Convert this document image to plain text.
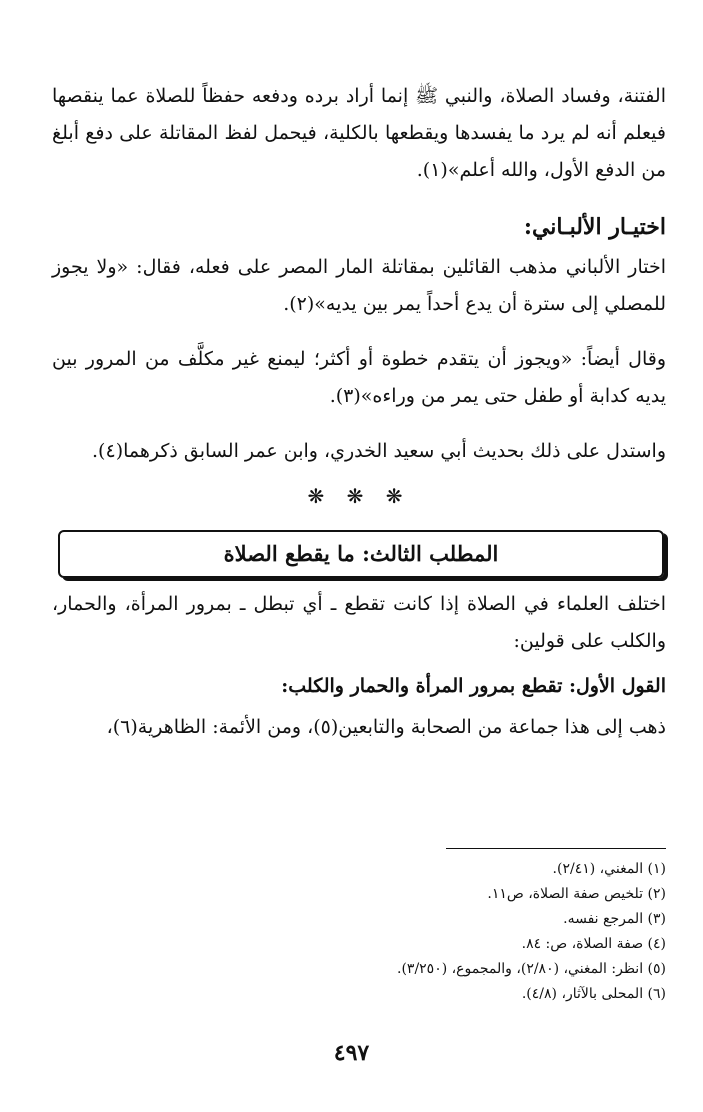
الفتنة، وفساد الصلاة، والنبي ﷺ إنما أراد برده ودفعه حفظاً للصلاة عما ينقصها فيعلم أنه لم يرد ما يفسدها ويقطعها بالكلية، فيحمل لفظ المقاتلة على دفع أبلغ من الدفع الأول، والله أعلم»(١).

اختيـار الألبـاني:

اختار الألباني مذهب القائلين بمقاتلة المار المصر على فعله، فقال: «ولا يجوز للمصلي إلى سترة أن يدع أحداً يمر بين يديه»(٢).

وقال أيضاً: «ويجوز أن يتقدم خطوة أو أكثر؛ ليمنع غير مكلَّف من المرور بين يديه كدابة أو طفل حتى يمر من وراءه»(٣).

واستدل على ذلك بحديث أبي سعيد الخدري، وابن عمر السابق ذكرهما(٤).

❋ ❋ ❋
المطلب الثالث: ما يقطع الصلاة

اختلف العلماء في الصلاة إذا كانت تقطع ـ أي تبطل ـ بمرور المرأة، والحمار، والكلب على قولين:

القول الأول: تقطع بمرور المرأة والحمار والكلب:

ذهب إلى هذا جماعة من الصحابة والتابعين(٥)، ومن الأئمة: الظاهرية(٦)،

(١) المغني، (٢/٤١).

(٢) تلخيص صفة الصلاة، ص١١.

(٣) المرجع نفسه.

(٤) صفة الصلاة، ص: ٨٤.

(٥) انظر: المغني، (٢/٨٠)، والمجموع، (٣/٢٥٠).

(٦) المحلى بالآثار، (٤/٨).

٤٩٧
